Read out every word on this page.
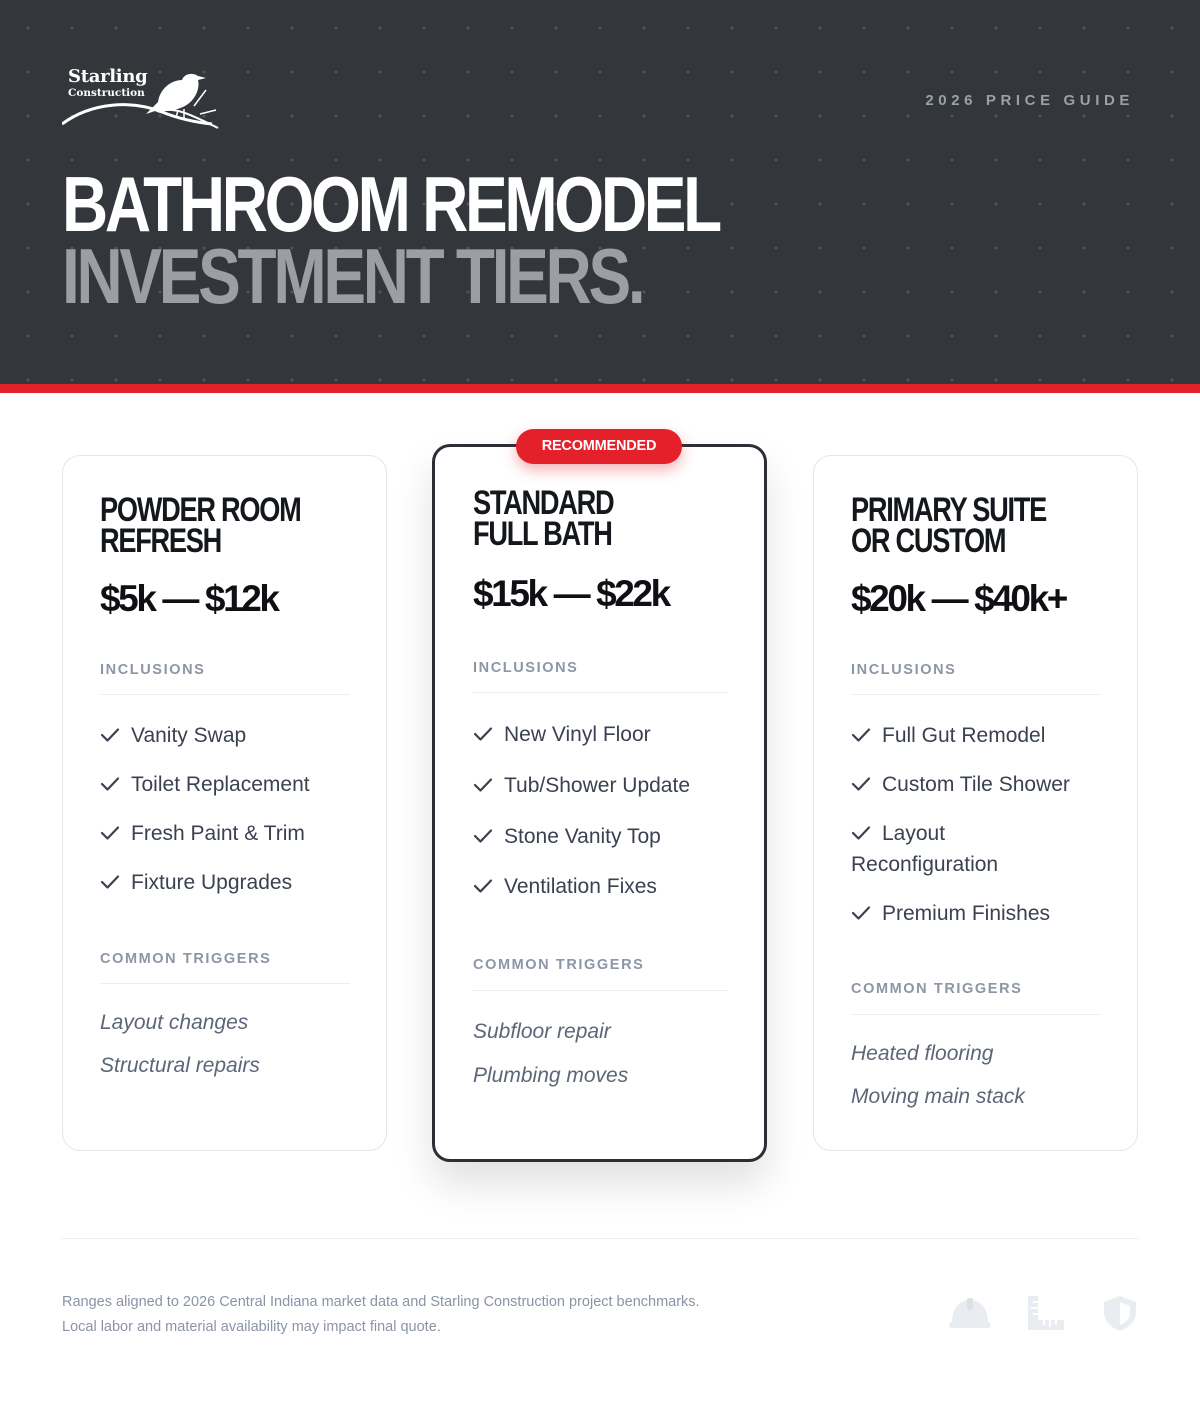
Starling
Construction	2026 PRICE GUIDE
BATHROOM REMODEL
INVESTMENT TIERS.
RECOMMENDED
POWDER ROOM
REFRESH
$5k — $12k
INCLUSIONS
Vanity Swap
Toilet Replacement
Fresh Paint & Trim
Fixture Upgrades
COMMON TRIGGERS
Layout changes
Structural repairs
STANDARD
FULL BATH
$15k — $22k
INCLUSIONS
New Vinyl Floor
Tub/Shower Update
Stone Vanity Top
Ventilation Fixes
COMMON TRIGGERS
Subfloor repair
Plumbing moves
PRIMARY SUITE
OR CUSTOM
$20k — $40k+
INCLUSIONS
Full Gut Remodel
Custom Tile Shower
Layout Reconfiguration
Premium Finishes
COMMON TRIGGERS
Heated flooring
Moving main stack
Ranges aligned to 2026 Central Indiana market data and Starling Construction project benchmarks. Local labor and material availability may impact final quote.
